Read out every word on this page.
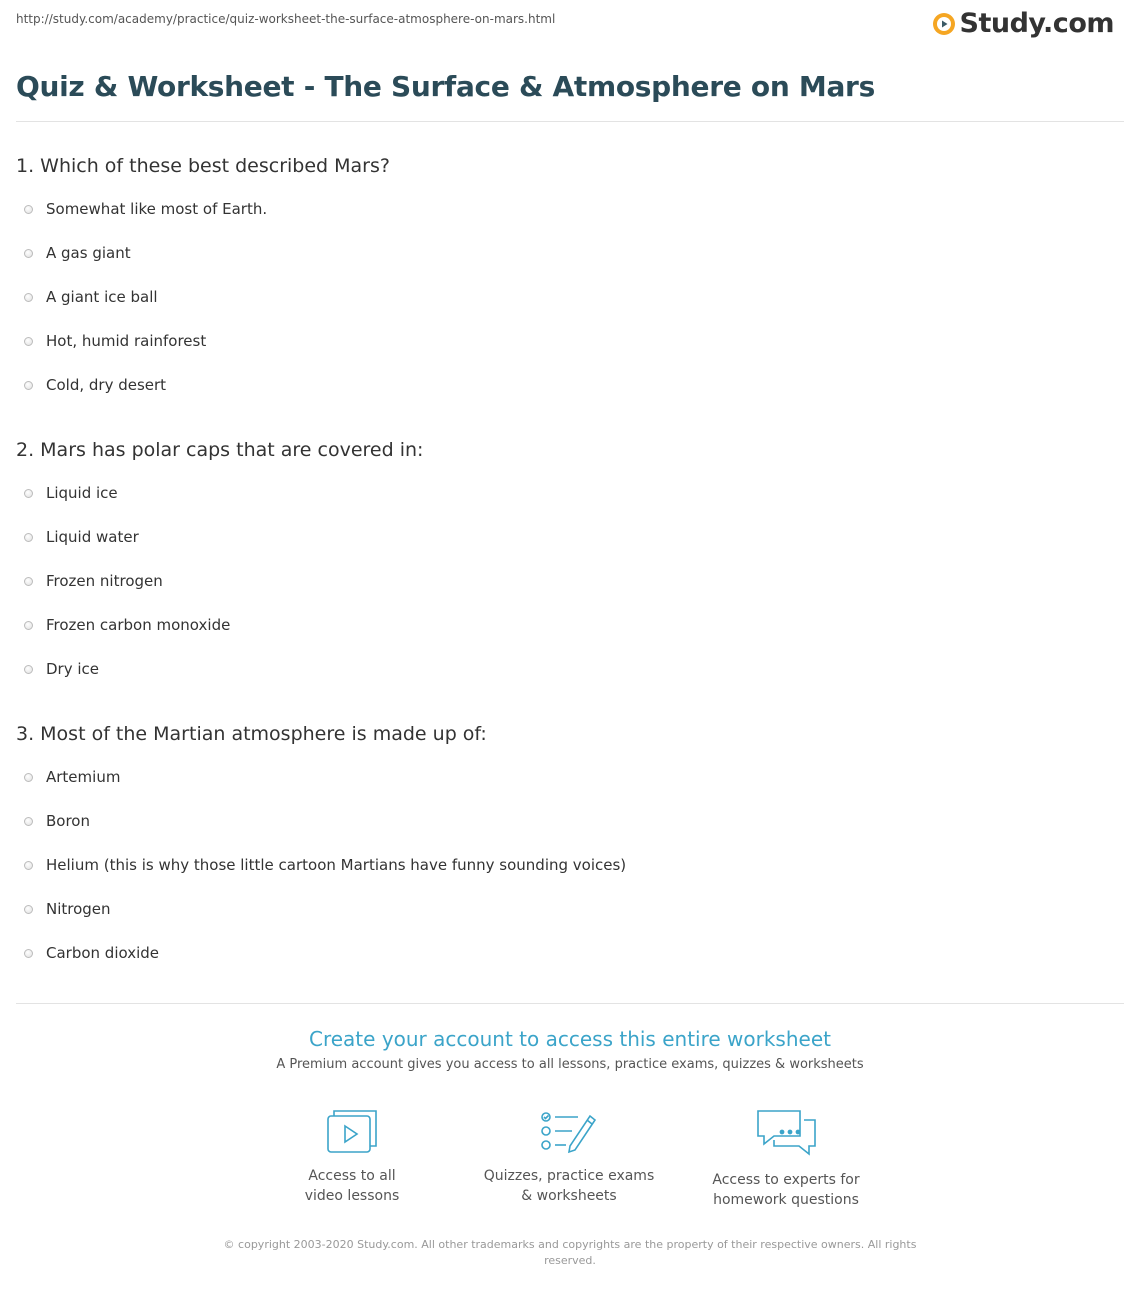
http://study.com/academy/practice/quiz-worksheet-the-surface-atmosphere-on-mars.html	Study.com
Quiz & Worksheet - The Surface & Atmosphere on Mars
1. Which of these best described Mars?
Somewhat like most of Earth.
A gas giant
A giant ice ball
Hot, humid rainforest
Cold, dry desert
2. Mars has polar caps that are covered in:
Liquid ice
Liquid water
Frozen nitrogen
Frozen carbon monoxide
Dry ice
3. Most of the Martian atmosphere is made up of:
Artemium
Boron
Helium (this is why those little cartoon Martians have funny sounding voices)
Nitrogen
Carbon dioxide
Create your account to access this entire worksheet
A Premium account gives you access to all lessons, practice exams, quizzes & worksheets
Access to all
video lessons
Quizzes, practice exams
& worksheets
Access to experts for
homework questions
© copyright 2003-2020 Study.com. All other trademarks and copyrights are the property of their respective owners. All rights reserved.
